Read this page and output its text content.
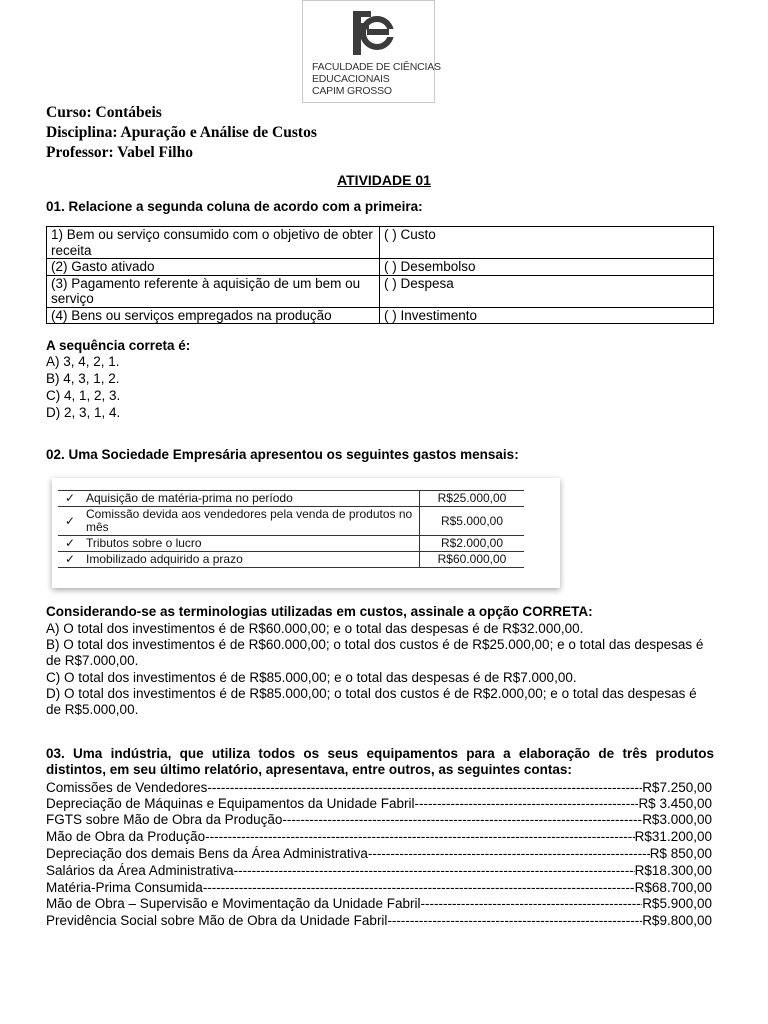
FACULDADE DE CIÊNCIAS
EDUCACIONAIS
CAPIM GROSSO
Curso: Contábeis
Disciplina: Apuração e Análise de Custos
Professor: Vabel Filho
ATIVIDADE 01
01. Relacione a segunda coluna de acordo com a primeira:
1) Bem ou serviço consumido com o objetivo de obter receita	( ) Custo
(2) Gasto ativado	( ) Desembolso
(3) Pagamento referente à aquisição de um bem ou serviço	( ) Despesa
(4) Bens ou serviços empregados na produção	( ) Investimento
A sequência correta é:
A) 3, 4, 2, 1.
B) 4, 3, 1, 2.
C) 4, 1, 2, 3.
D) 2, 3, 1, 4.
02. Uma Sociedade Empresária apresentou os seguintes gastos mensais:
✓	Aquisição de matéria-prima no período	R$25.000,00
✓	Comissão devida aos vendedores pela venda de produtos no mês	R$5.000,00
✓	Tributos sobre o lucro	R$2.000,00
✓	Imobilizado adquirido a prazo	R$60.000,00
Considerando-se as terminologias utilizadas em custos, assinale a opção CORRETA:
A) O total dos investimentos é de R$60.000,00; e o total das despesas é de R$32.000,00.
B) O total dos investimentos é de R$60.000,00; o total dos custos é de R$25.000,00; e o total das despesas é de R$7.000,00.
C) O total dos investimentos é de R$85.000,00; e o total das despesas é de R$7.000,00.
D) O total dos investimentos é de R$85.000,00; o total dos custos é de R$2.000,00; e o total das despesas é de R$5.000,00.
03. Uma indústria, que utiliza todos os seus equipamentos para a elaboração de três produtos distintos, em seu último relatório, apresentava, entre outros, as seguintes contas:
Comissões de Vendedores -----	R$7.250,00
Depreciação de Máquinas e Equipamentos da Unidade Fabril -----	R$ 3.450,00
FGTS sobre Mão de Obra da Produção -----	R$3.000,00
Mão de Obra da Produção -----	R$31.200,00
Depreciação dos demais Bens da Área Administrativa -----	R$ 850,00
Salários da Área Administrativa -----	R$18.300,00
Matéria-Prima Consumida -----	R$68.700,00
Mão de Obra – Supervisão e Movimentação da Unidade Fabril -----	R$5.900,00
Previdência Social sobre Mão de Obra da Unidade Fabril -----	R$9.800,00
